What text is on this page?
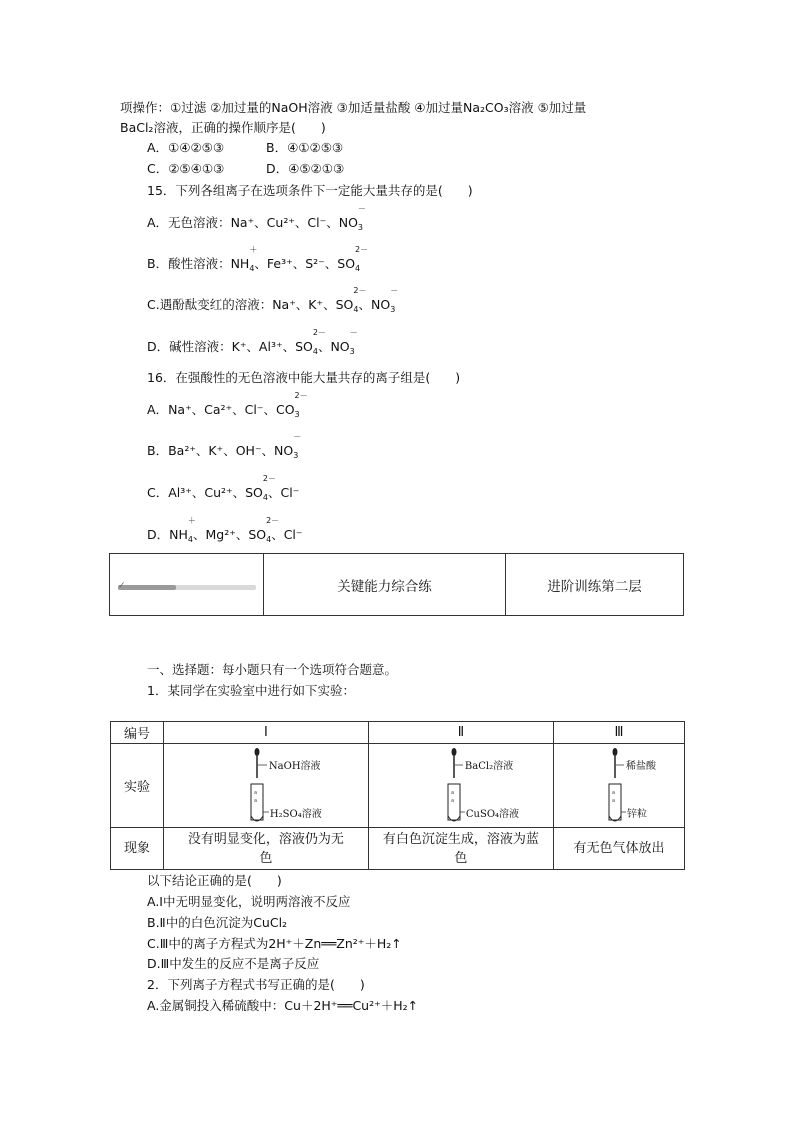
项操作：①过滤 ②加过量的NaOH溶液 ③加适量盐酸 ④加过量Na₂CO₃溶液 ⑤加过量
BaCl₂溶液，正确的操作顺序是(　　)
A．①④②⑤③	B．④①②⑤③
C．②⑤④①③	D．④⑤②①③
15．下列各组离子在选项条件下一定能大量共存的是(　　)
A．无色溶液：Na⁺、Cu²⁺、Cl⁻、$NO_3$
－
B．酸性溶液：$NH_4$
＋
、Fe³⁺、S²⁻、$SO_4$
2－
C.遇酚酞变红的溶液：Na⁺、K⁺、$SO_4$
2－
、$NO_3$
－
D．碱性溶液：K⁺、Al³⁺、$SO_4$
2－
、$NO_3$
－
16．在强酸性的无色溶液中能大量共存的离子组是(　　)
A．Na⁺、Ca²⁺、Cl⁻、$CO_3$
2－
B．Ba²⁺、K⁺、OH⁻、$NO_3$
－
C．Al³⁺、Cu²⁺、$SO_4$
2－
、Cl⁻
D．$NH_4$
＋
、Mg²⁺、$SO_4$
2－
、Cl⁻
✓	关键能力综合练	进阶训练第二层
一、选择题：每小题只有一个选项符合题意。
1．某同学在实验室中进行如下实验：
编号	Ⅰ	Ⅱ	Ⅲ
实验	a
a
NaOH溶液
H₂SO₄溶液	a
a
BaCl₂溶液
CuSO₄溶液	a
a
稀盐酸
锌粒

现象	没有明显变化，溶液仍为无色	有白色沉淀生成，溶液为蓝色	有无色气体放出
以下结论正确的是(　　)
A.Ⅰ中无明显变化，说明两溶液不反应
B.Ⅱ中的白色沉淀为CuCl₂
C.Ⅲ中的离子方程式为2H⁺＋Zn══Zn²⁺＋H₂↑
D.Ⅲ中发生的反应不是离子反应
2．下列离子方程式书写正确的是(　　)
A.金属铜投入稀硫酸中：Cu＋2H⁺══Cu²⁺＋H₂↑
